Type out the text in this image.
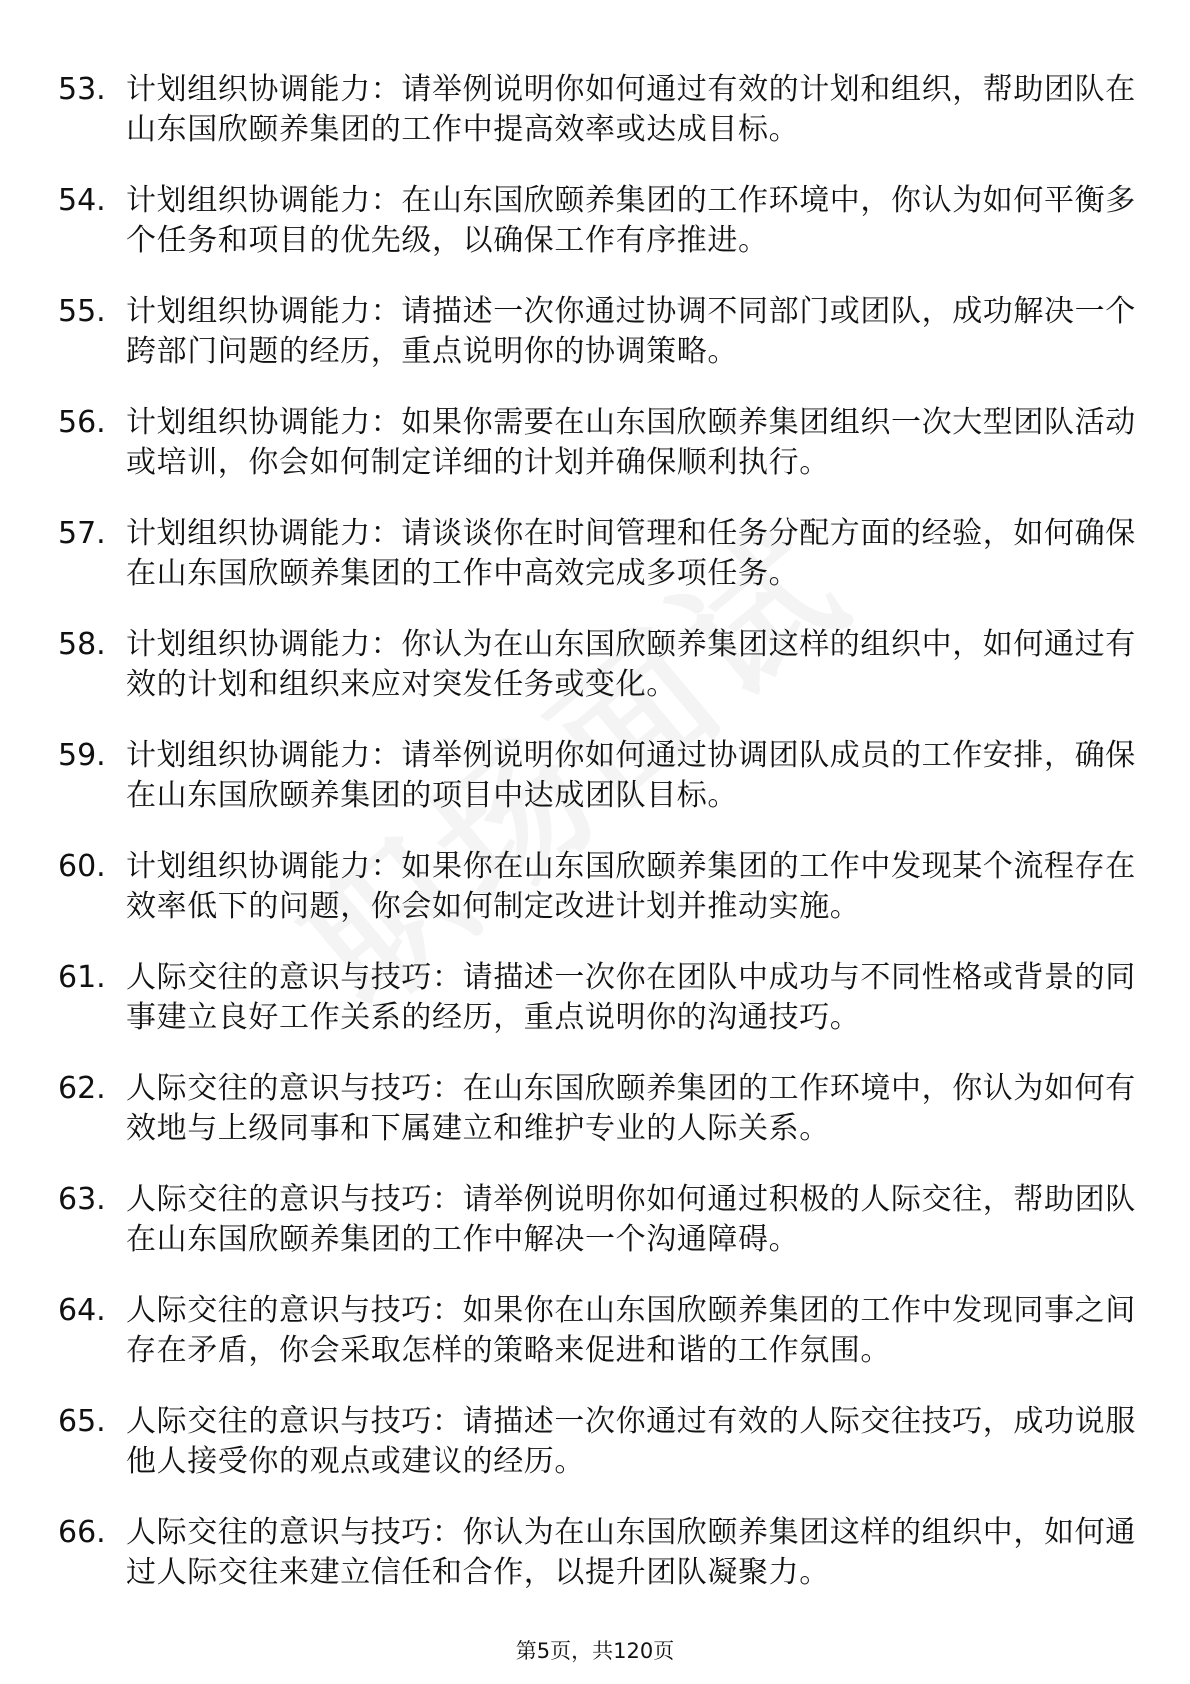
53. 计划组织协调能力：请举例说明你如何通过有效的计划和组织，帮助团队在山东国欣颐养集团的工作中提高效率或达成目标。
54. 计划组织协调能力：在山东国欣颐养集团的工作环境中，你认为如何平衡多个任务和项目的优先级，以确保工作有序推进。
55. 计划组织协调能力：请描述一次你通过协调不同部门或团队，成功解决一个跨部门问题的经历，重点说明你的协调策略。
56. 计划组织协调能力：如果你需要在山东国欣颐养集团组织一次大型团队活动或培训，你会如何制定详细的计划并确保顺利执行。
57. 计划组织协调能力：请谈谈你在时间管理和任务分配方面的经验，如何确保在山东国欣颐养集团的工作中高效完成多项任务。
58. 计划组织协调能力：你认为在山东国欣颐养集团这样的组织中，如何通过有效的计划和组织来应对突发任务或变化。
59. 计划组织协调能力：请举例说明你如何通过协调团队成员的工作安排，确保在山东国欣颐养集团的项目中达成团队目标。
60. 计划组织协调能力：如果你在山东国欣颐养集团的工作中发现某个流程存在效率低下的问题，你会如何制定改进计划并推动实施。
61. 人际交往的意识与技巧：请描述一次你在团队中成功与不同性格或背景的同事建立良好工作关系的经历，重点说明你的沟通技巧。
62. 人际交往的意识与技巧：在山东国欣颐养集团的工作环境中，你认为如何有效地与上级同事和下属建立和维护专业的人际关系。
63. 人际交往的意识与技巧：请举例说明你如何通过积极的人际交往，帮助团队在山东国欣颐养集团的工作中解决一个沟通障碍。
64. 人际交往的意识与技巧：如果你在山东国欣颐养集团的工作中发现同事之间存在矛盾，你会采取怎样的策略来促进和谐的工作氛围。
65. 人际交往的意识与技巧：请描述一次你通过有效的人际交往技巧，成功说服他人接受你的观点或建议的经历。
66. 人际交往的意识与技巧：你认为在山东国欣颐养集团这样的组织中，如何通过人际交往来建立信任和合作，以提升团队凝聚力。
第5页，共120页
